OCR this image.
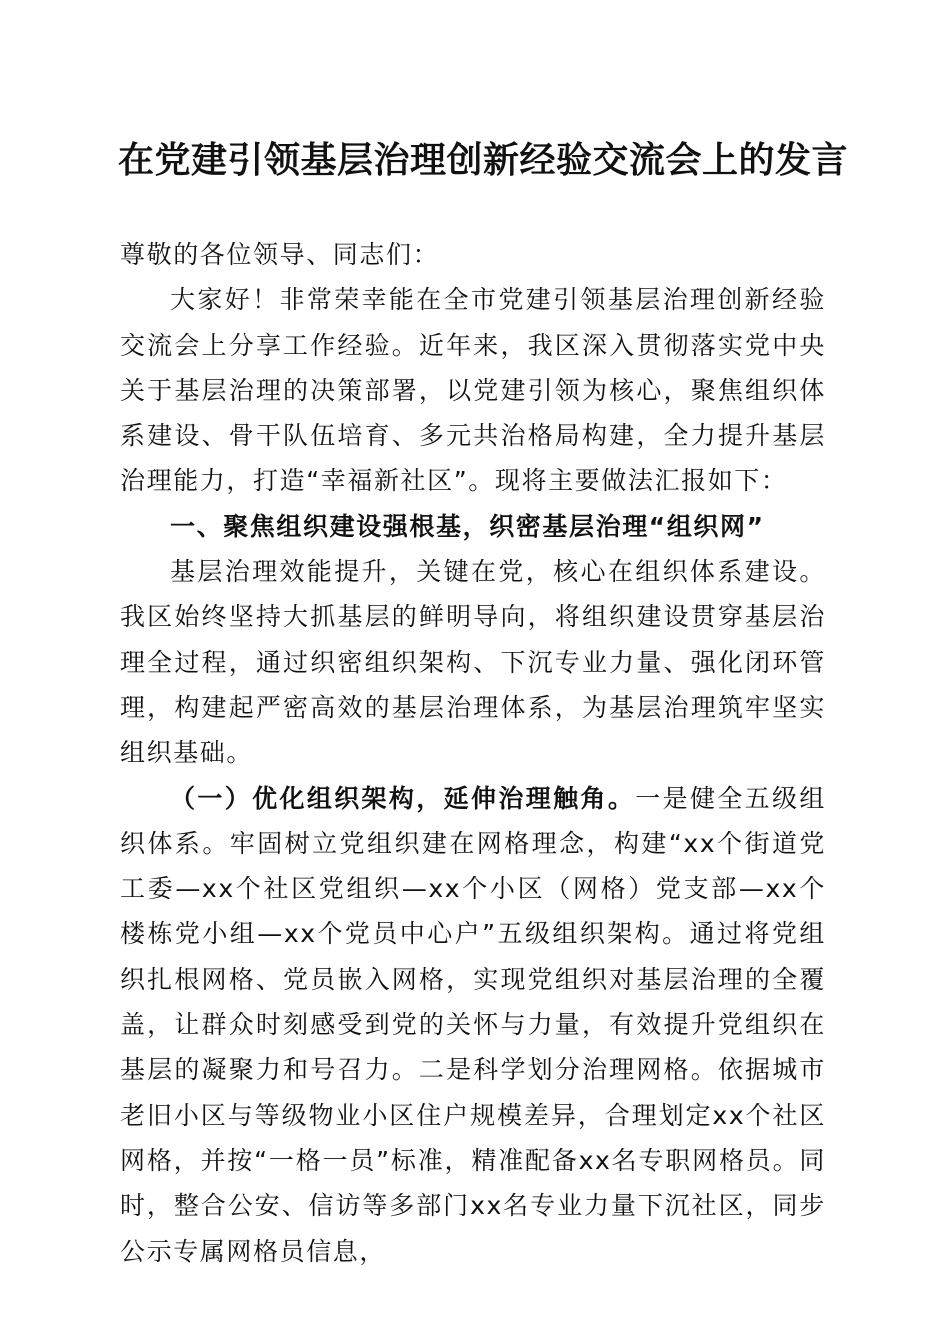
在党建引领基层治理创新经验交流会上的发言

尊敬的各位领导、同志们：

大家好！非常荣幸能在全市党建引领基层治理创新经验交流会上分享工作经验。近年来，我区深入贯彻落实党中央关于基层治理的决策部署，以党建引领为核心，聚焦组织体系建设、骨干队伍培育、多元共治格局构建，全力提升基层治理能力，打造“幸福新社区”。现将主要做法汇报如下：

一、聚焦组织建设强根基，织密基层治理“组织网”

基层治理效能提升，关键在党，核心在组织体系建设。我区始终坚持大抓基层的鲜明导向，将组织建设贯穿基层治理全过程，通过织密组织架构、下沉专业力量、强化闭环管理，构建起严密高效的基层治理体系，为基层治理筑牢坚实组织基础。

（一）优化组织架构，延伸治理触角。一是健全五级组织体系。牢固树立党组织建在网格理念，构建“xx个街道党工委—xx个社区党组织—xx个小区（网格）党支部—xx个楼栋党小组—xx个党员中心户”五级组织架构。通过将党组织扎根网格、党员嵌入网格，实现党组织对基层治理的全覆盖，让群众时刻感受到党的关怀与力量，有效提升党组织在基层的凝聚力和号召力。二是科学划分治理网格。依据城市老旧小区与等级物业小区住户规模差异，合理划定xx个社区网格，并按“一格一员”标准，精准配备xx名专职网格员。同时，整合公安、信访等多部门xx名专业力量下沉社区，同步公示专属网格员信息，
